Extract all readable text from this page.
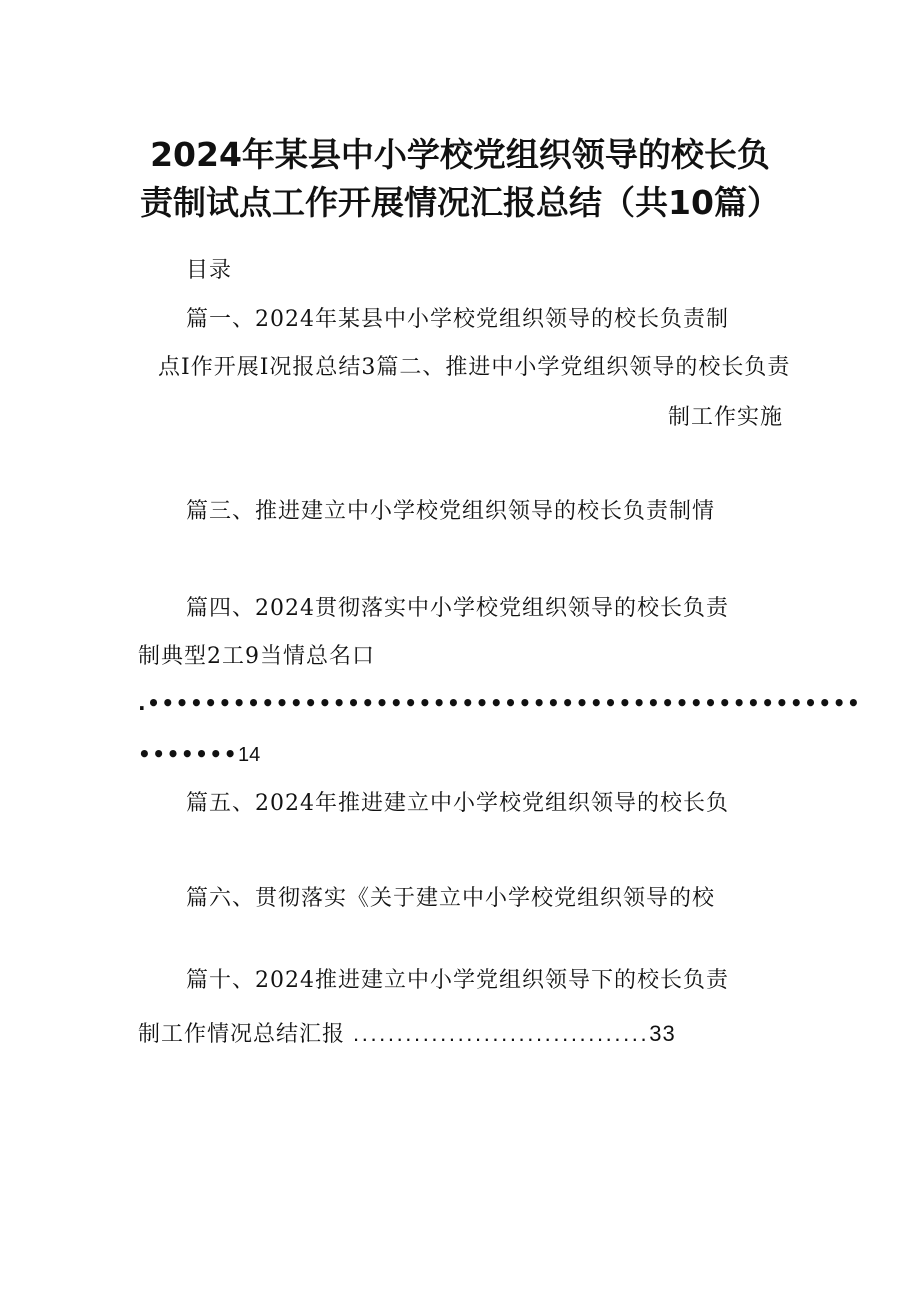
2024年某县中小学校党组织领导的校长负
责制试点工作开展情况汇报总结（共10篇）
目录
篇一、2024年某县中小学校党组织领导的校长负责制
点I作开展I况报总结3篇二、推进中小学党组织领导的校长负责
制工作实施
篇三、推进建立中小学校党组织领导的校长负责制情
篇四、2024贯彻落实中小学校党组织领导的校长负责
制典型2工9当情总名口
.••••••••••••••••••••••••••••••••••••••••••••••••••
•••••••14
篇五、2024年推进建立中小学校党组织领导的校长负
篇六、贯彻落实《关于建立中小学校党组织领导的校
篇十、2024推进建立中小学党组织领导下的校长负责
制工作情况总结汇报 ..................................33
